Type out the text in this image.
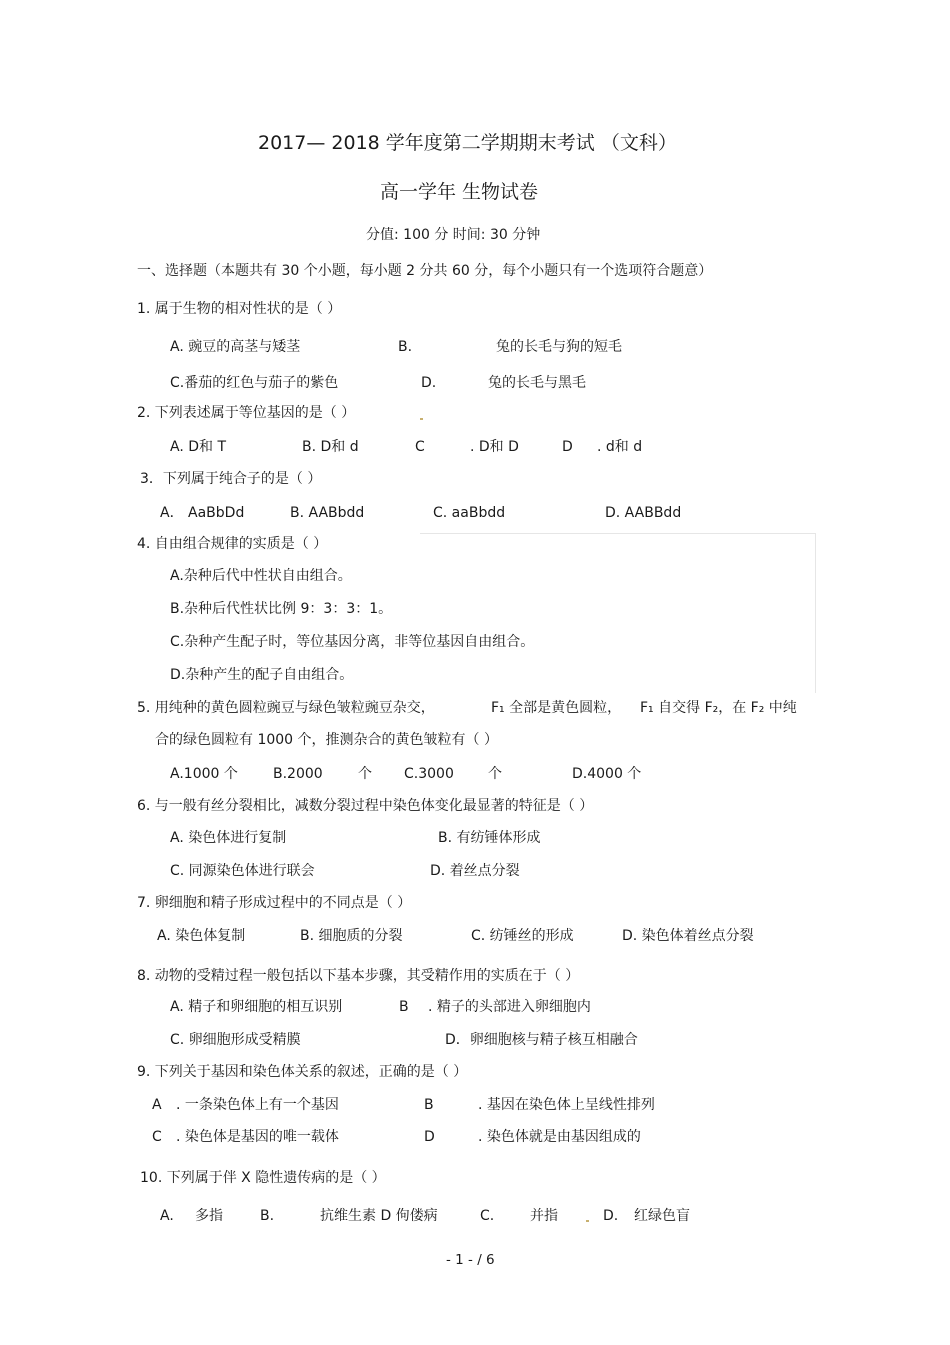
2017— 2018 学年度第二学期期末考试 （文科）
高一学年 生物试卷
分值: 100 分 时间: 30 分钟
一、选择题（本题共有 30 个小题，每小题 2 分共 60 分，每个小题只有一个选项符合题意）
1. 属于生物的相对性状的是（ ）
A. 豌豆的高茎与矮茎	B.	兔的长毛与狗的短毛
C.番茄的红色与茄子的紫色	D.	兔的长毛与黑毛
2. 下列表述属于等位基因的是（ ）
A. D和 T	B. D和 d	C	. D和 D	D . d和 d
3．下列属于纯合子的是（ ）
A． AaBbDd	B. AABbdd	C. aaBbdd	D. AABBdd
4. 自由组合规律的实质是（ ）
A.杂种后代中性状自由组合。
B.杂种后代性状比例 9：3：3：1。
C.杂种产生配子时，等位基因分离，非等位基因自由组合。
D.杂种产生的配子自由组合。
5. 用纯种的黄色圆粒豌豆与绿色皱粒豌豆杂交，	F₁ 全部是黄色圆粒， F₁ 自交得 F₂，在 F₂ 中纯
合的绿色圆粒有 1000 个，推测杂合的黄色皱粒有（ ）
A.1000 个	B.2000	个 C.3000 个	D.4000 个
6. 与一般有丝分裂相比，减数分裂过程中染色体变化最显著的特征是（ ）
A. 染色体进行复制	B. 有纺锤体形成
C. 同源染色体进行联会	D. 着丝点分裂
7. 卵细胞和精子形成过程中的不同点是（ ）
A. 染色体复制	B. 细胞质的分裂	C. 纺锤丝的形成	D. 染色体着丝点分裂
8. 动物的受精过程一般包括以下基本步骤，其受精作用的实质在于（ ）
A. 精子和卵细胞的相互识别	B . 精子的头部进入卵细胞内
C. 卵细胞形成受精膜	D．卵细胞核与精子核互相融合
9. 下列关于基因和染色体关系的叙述，正确的是（ ）
A . 一条染色体上有一个基因	B	. 基因在染色体上呈线性排列
C . 染色体是基因的唯一载体	D	. 染色体就是由基因组成的
10. 下列属于伴 X 隐性遗传病的是（ ）
A. 多指	B.	抗维生素 D 佝偻病	C.	并指	D. 红绿色盲
- 1 - / 6
